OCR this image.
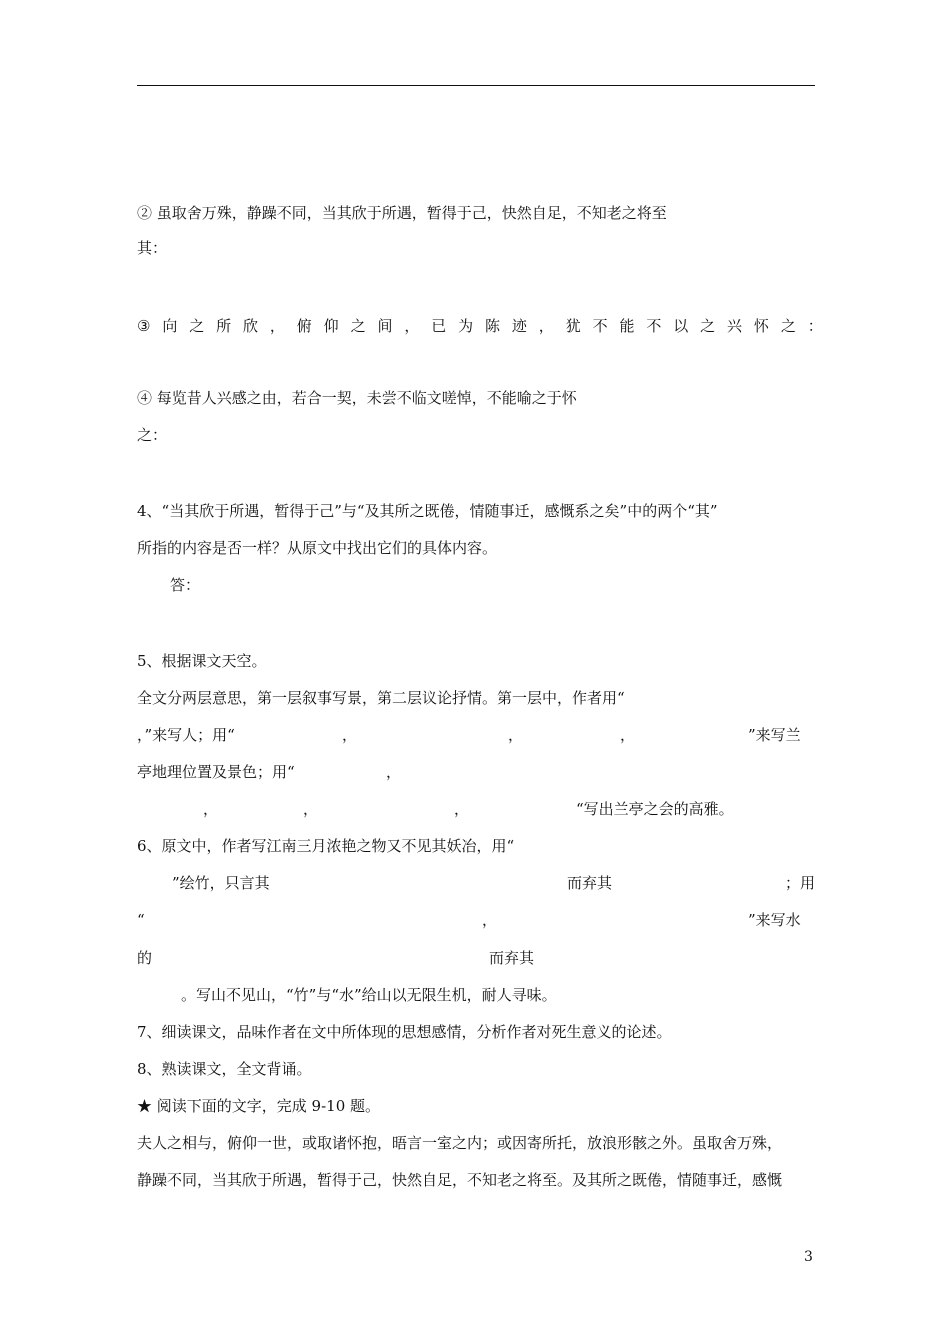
② 虽取舍万殊，静躁不同，当其欣于所遇，暂得于己，快然自足，不知老之将至
其：
③ 向 之 所 欣 ， 俯 仰 之 间 ， 已 为 陈 迹 ， 犹 不 能 不 以 之 兴 怀 之 ：
④ 每览昔人兴感之由，若合一契，未尝不临文嗟悼，不能喻之于怀
之：
4、“当其欣于所遇，暂得于己”与“及其所之既倦，情随事迁，感慨系之矣”中的两个“其”
所指的内容是否一样？从原文中找出它们的具体内容。
答：
5、根据课文天空。
全文分两层意思，第一层叙事写景，第二层议论抒情。第一层中，作者用“
，”来写人；用“	，	，	，	”来写兰
亭地理位置及景色；用“	，
，	，	，	“写出兰亭之会的高雅。
6、原文中，作者写江南三月浓艳之物又不见其妖冶，用“
”绘竹，只言其	而弃其	；用
“	，	”来写水
的	而弃其
。写山不见山，“竹”与“水”给山以无限生机，耐人寻味。
7、细读课文，品味作者在文中所体现的思想感情，分析作者对死生意义的论述。
8、熟读课文，全文背诵。
★ 阅读下面的文字，完成 9-10 题。
夫人之相与，俯仰一世，或取诸怀抱，晤言一室之内；或因寄所托，放浪形骸之外。虽取舍万殊，
静躁不同，当其欣于所遇，暂得于己，快然自足，不知老之将至。及其所之既倦，情随事迁，感慨
3
